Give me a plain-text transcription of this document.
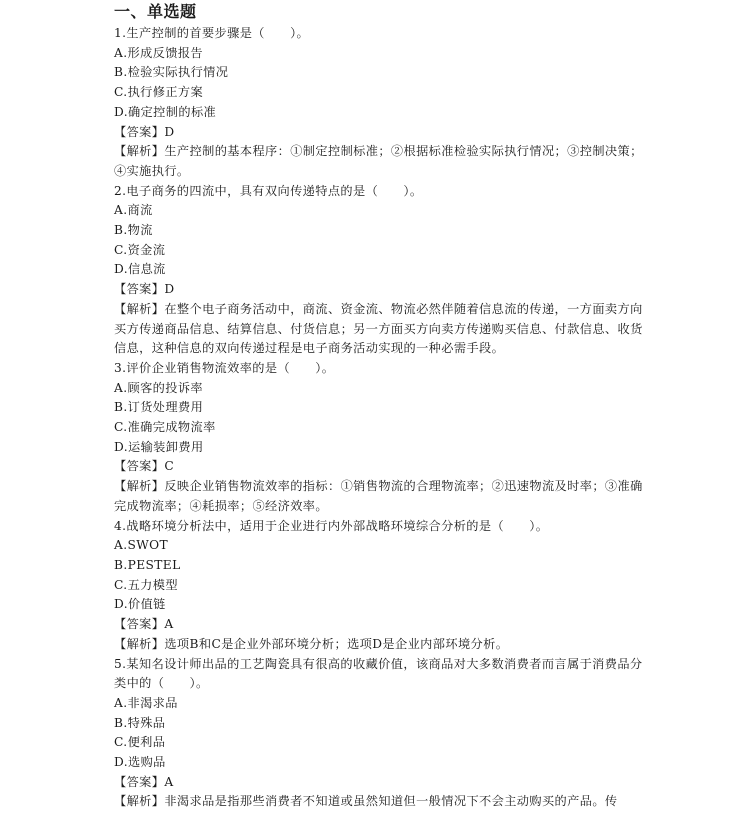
一、单选题
1.生产控制的首要步骤是（　　）。
A.形成反馈报告
B.检验实际执行情况
C.执行修正方案
D.确定控制的标准
【答案】D
【解析】生产控制的基本程序：①制定控制标准；②根据标准检验实际执行情况；③控制决策；④实施执行。
2.电子商务的四流中，具有双向传递特点的是（　　）。
A.商流
B.物流
C.资金流
D.信息流
【答案】D
【解析】在整个电子商务活动中，商流、资金流、物流必然伴随着信息流的传递，一方面卖方向买方传递商品信息、结算信息、付货信息；另一方面买方向卖方传递购买信息、付款信息、收货信息，这种信息的双向传递过程是电子商务活动实现的一种必需手段。
3.评价企业销售物流效率的是（　　）。
A.顾客的投诉率
B.订货处理费用
C.准确完成物流率
D.运输装卸费用
【答案】C
【解析】反映企业销售物流效率的指标：①销售物流的合理物流率；②迅速物流及时率；③准确完成物流率；④耗损率；⑤经济效率。
4.战略环境分析法中，适用于企业进行内外部战略环境综合分析的是（　　）。
A.SWOT
B.PESTEL
C.五力模型
D.价值链
【答案】A
【解析】选项B和C是企业外部环境分析；选项D是企业内部环境分析。
5.某知名设计师出品的工艺陶瓷具有很高的收藏价值，该商品对大多数消费者而言属于消费品分类中的（　　）。
A.非渴求品
B.特殊品
C.便利品
D.选购品
【答案】A
【解析】非渴求品是指那些消费者不知道或虽然知道但一般情况下不会主动购买的产品。传
